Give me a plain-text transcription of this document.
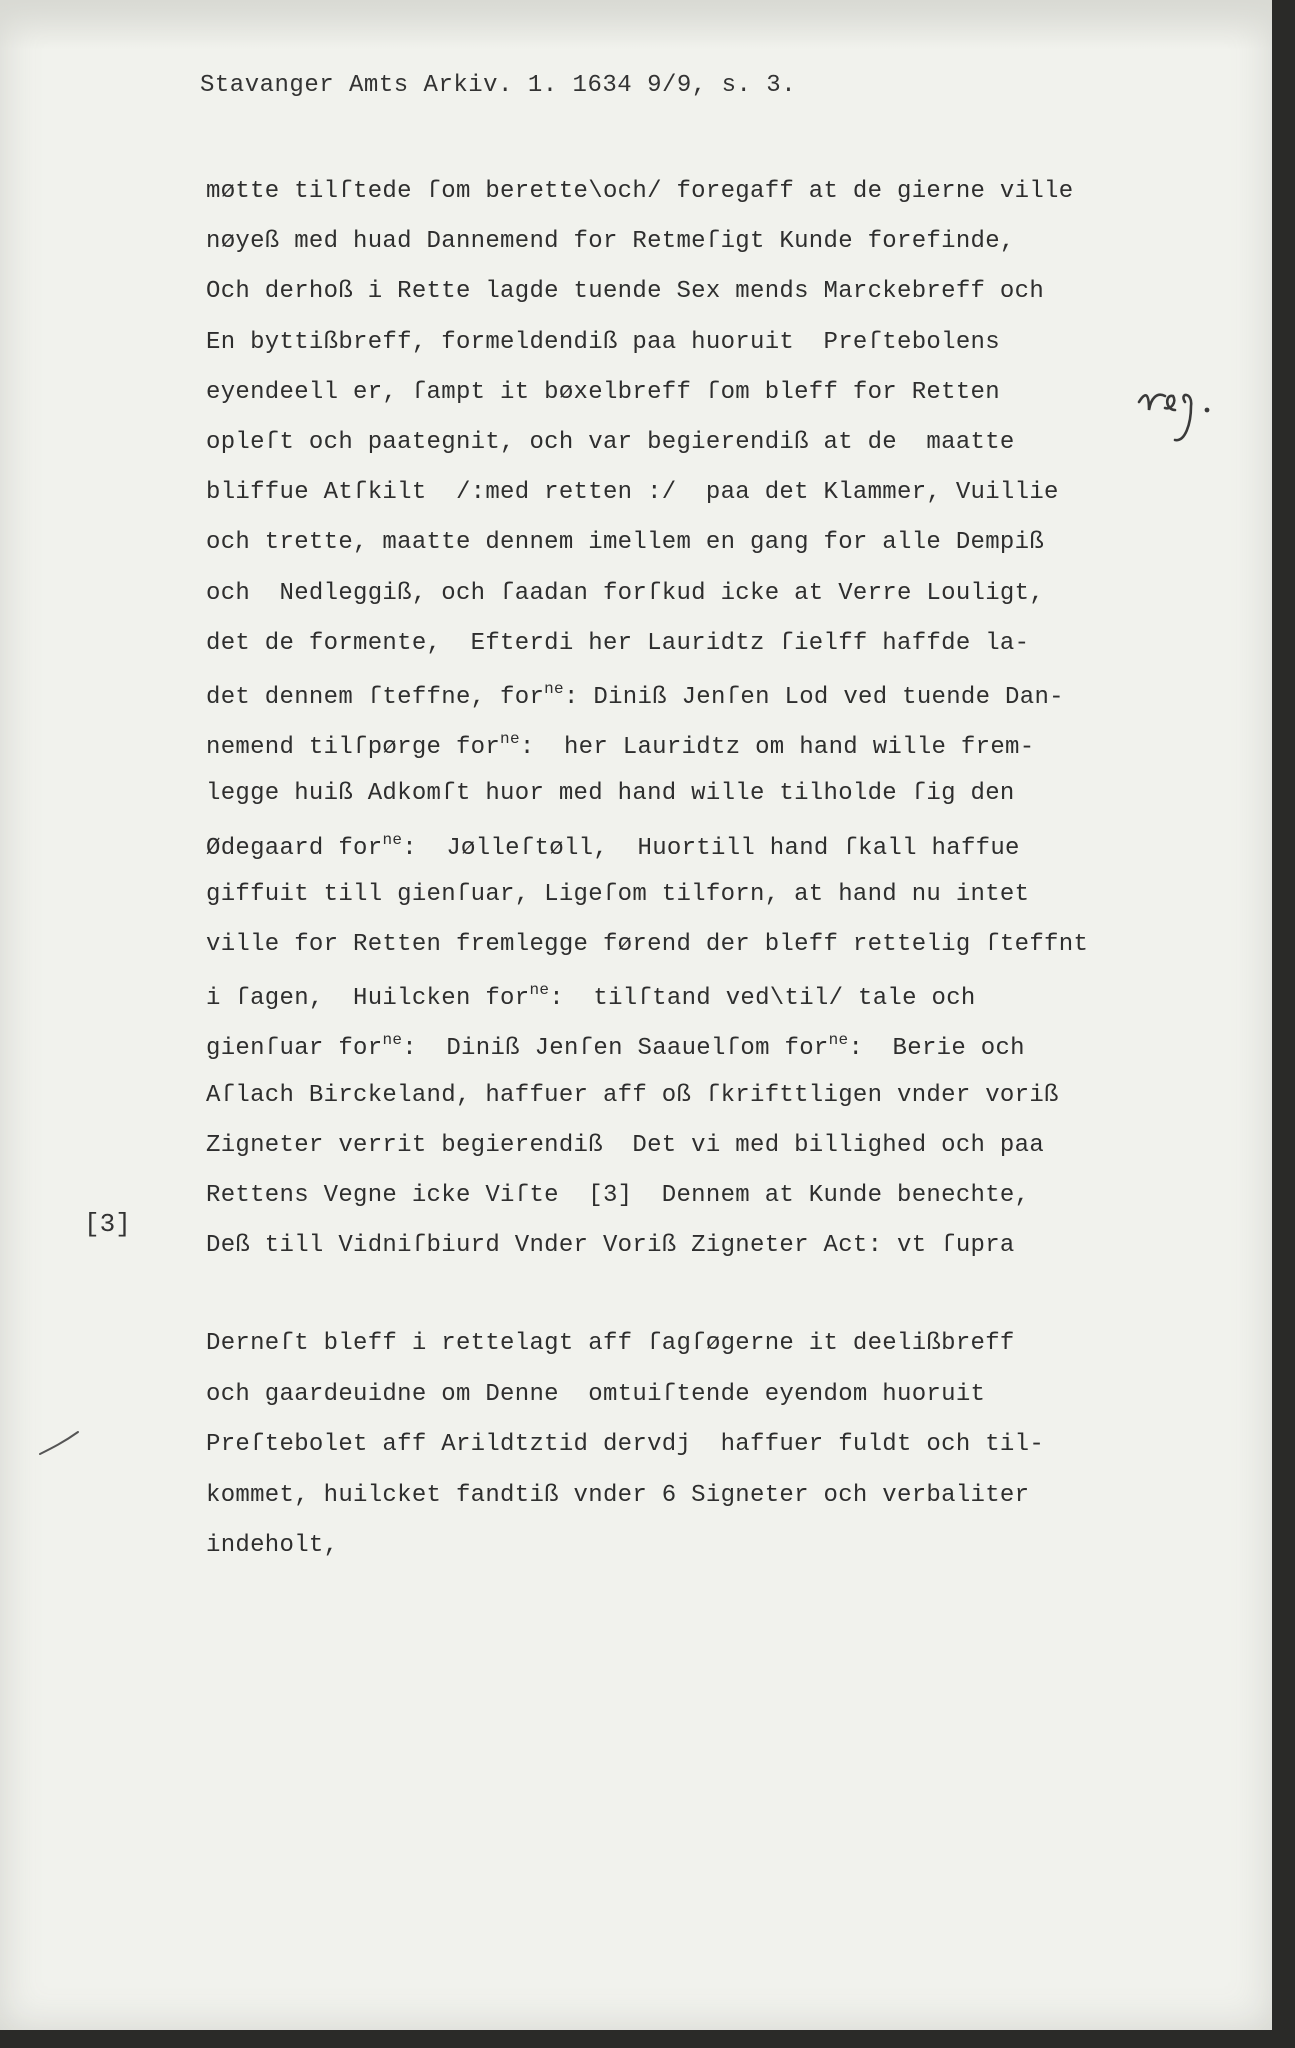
Stavanger Amts Arkiv. 1. 1634 9/9, s. 3.
møtte tilſtede ſom berette\och/ foregaff at de gierne ville
nøyeß med huad Dannemend for Retmeſigt Kunde forefinde,
Och derhoß i Rette lagde tuende Sex mends Marckebreff och
En byttißbreff, formeldendiß paa huoruit  Preſtebolens
eyendeell er, ſampt it bøxelbreff ſom bleff for Retten
opleſt och paategnit, och var begierendiß at de  maatte
bliffue Atſkilt  /:med retten :/  paa det Klammer, Vuillie
och trette, maatte dennem imellem en gang for alle Dempiß
och  Nedleggiß, och ſaadan forſkud icke at Verre Louligt,
det de formente,  Efterdi her Lauridtz ſielff haffde la-
det dennem ſteffne, for$^{ne}$: Diniß Jenſen Lod ved tuende Dan-
nemend tilſpørge for$^{ne}$:  her Lauridtz om hand wille frem-
legge huiß Adkomſt huor med hand wille tilholde ſig den
Ødegaard for$^{ne}$:  Jølleſtøll,  Huortill hand ſkall haffue
giffuit till gienſuar, Ligeſom tilforn, at hand nu intet
ville for Retten fremlegge førend der bleff rettelig ſteffnt
i ſagen,  Huilcken for$^{ne}$:  tilſtand ved\til/ tale och
gienſuar for$^{ne}$:  Diniß Jenſen Saauelſom for$^{ne}$:  Berie och
Aſlach Birckeland, haffuer aff oß ſkrifttligen vnder voriß
Zigneter verrit begierendiß  Det vi med billighed och paa
Rettens Vegne icke Viſte  [3]  Dennem at Kunde benechte,
Deß till Vidniſbiurd Vnder Voriß Zigneter Act: vt ſupra
Derneſt bleff i rettelagt aff ſagſøgerne it deelißbreff
och gaardeuidne om Denne  omtuiſtende eyendom huoruit
Preſtebolet aff Arildtztid dervdj  haffuer fuldt och til-
kommet, huilcket fandtiß vnder 6 Signeter och verbaliter
indeholt,
[3]
reg.
